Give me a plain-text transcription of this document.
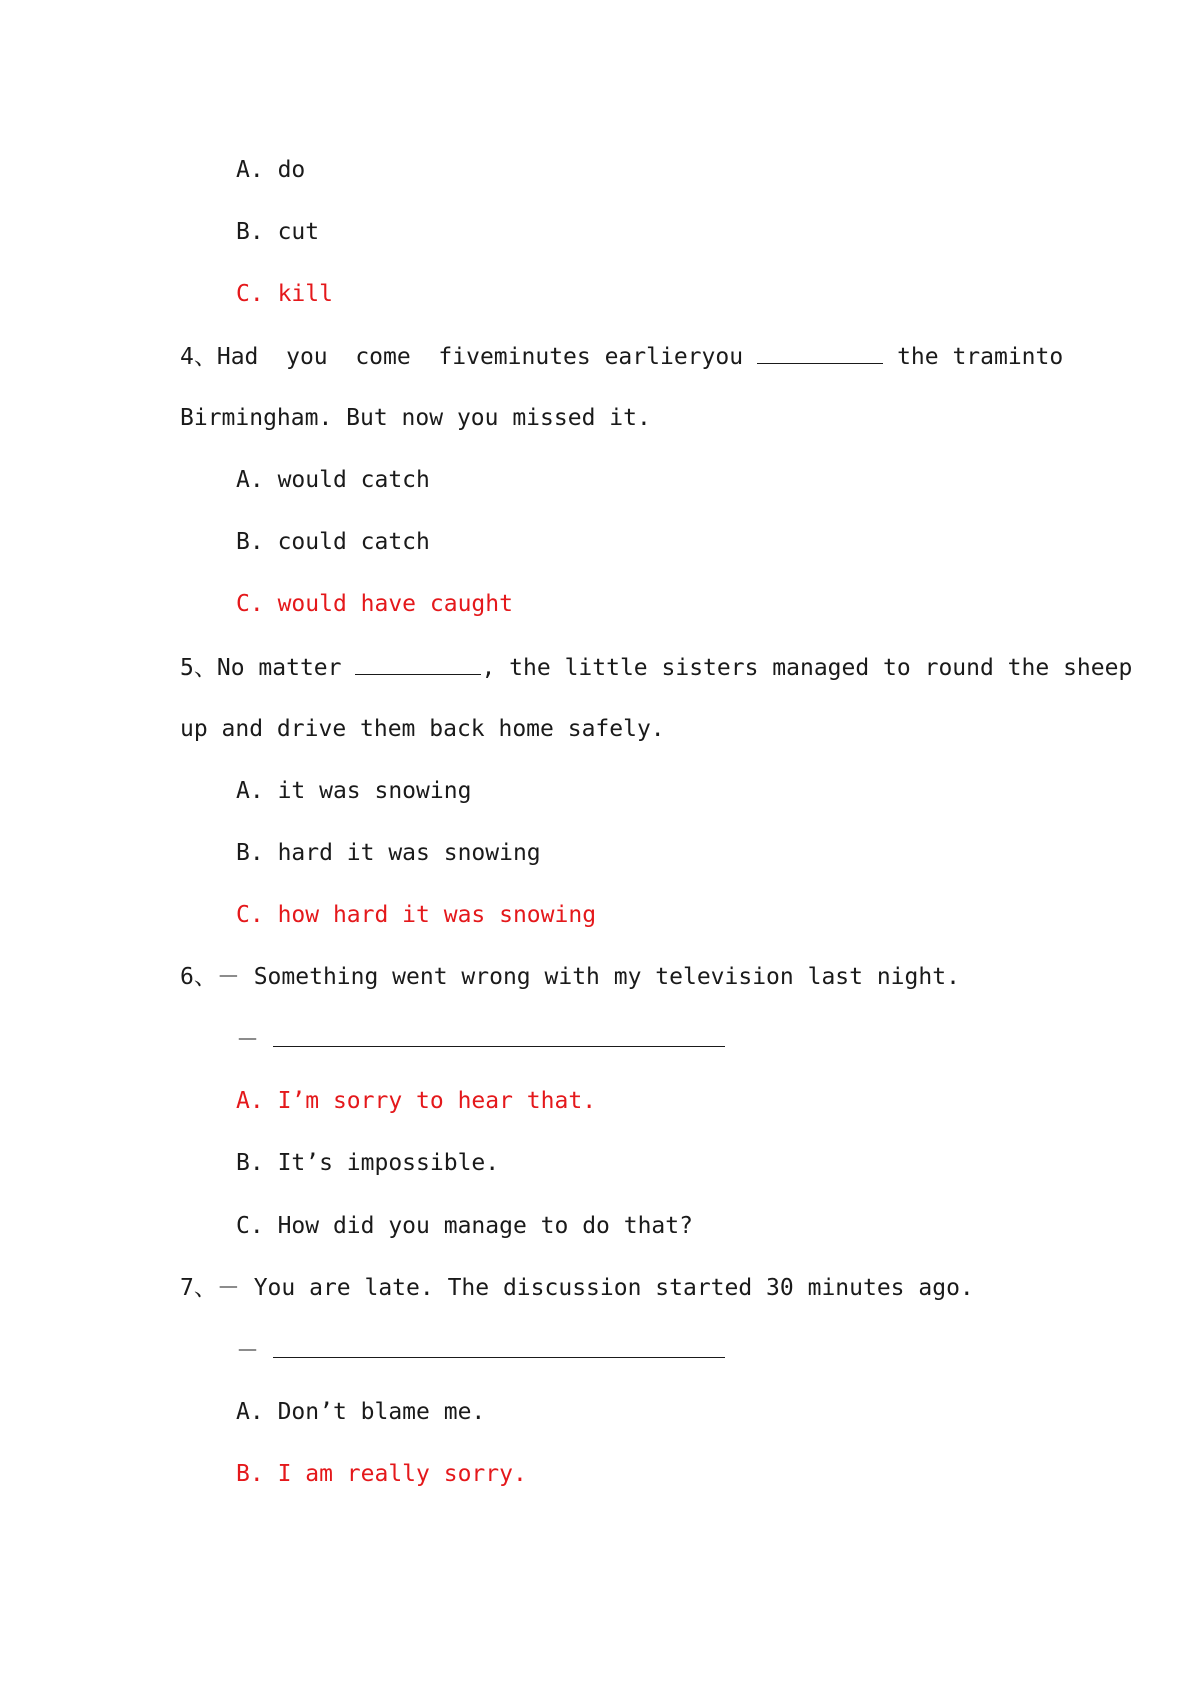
A. do
B. cut
C. kill
4、Had  you  come  fiveminutes earlieryou	the traminto
Birmingham. But now you missed it.
A. would catch
B. could catch
C. would have caught
5、No matter	, the little sisters managed to round the sheep
up and drive them back home safely.
A. it was snowing
B. hard it was snowing
C. how hard it was snowing
6、－ Something went wrong with my television last night.
－
A. I’m sorry to hear that.
B. It’s impossible.
C. How did you manage to do that?
7、－ You are late. The discussion started 30 minutes ago.
－
A. Don’t blame me.
B. I am really sorry.
